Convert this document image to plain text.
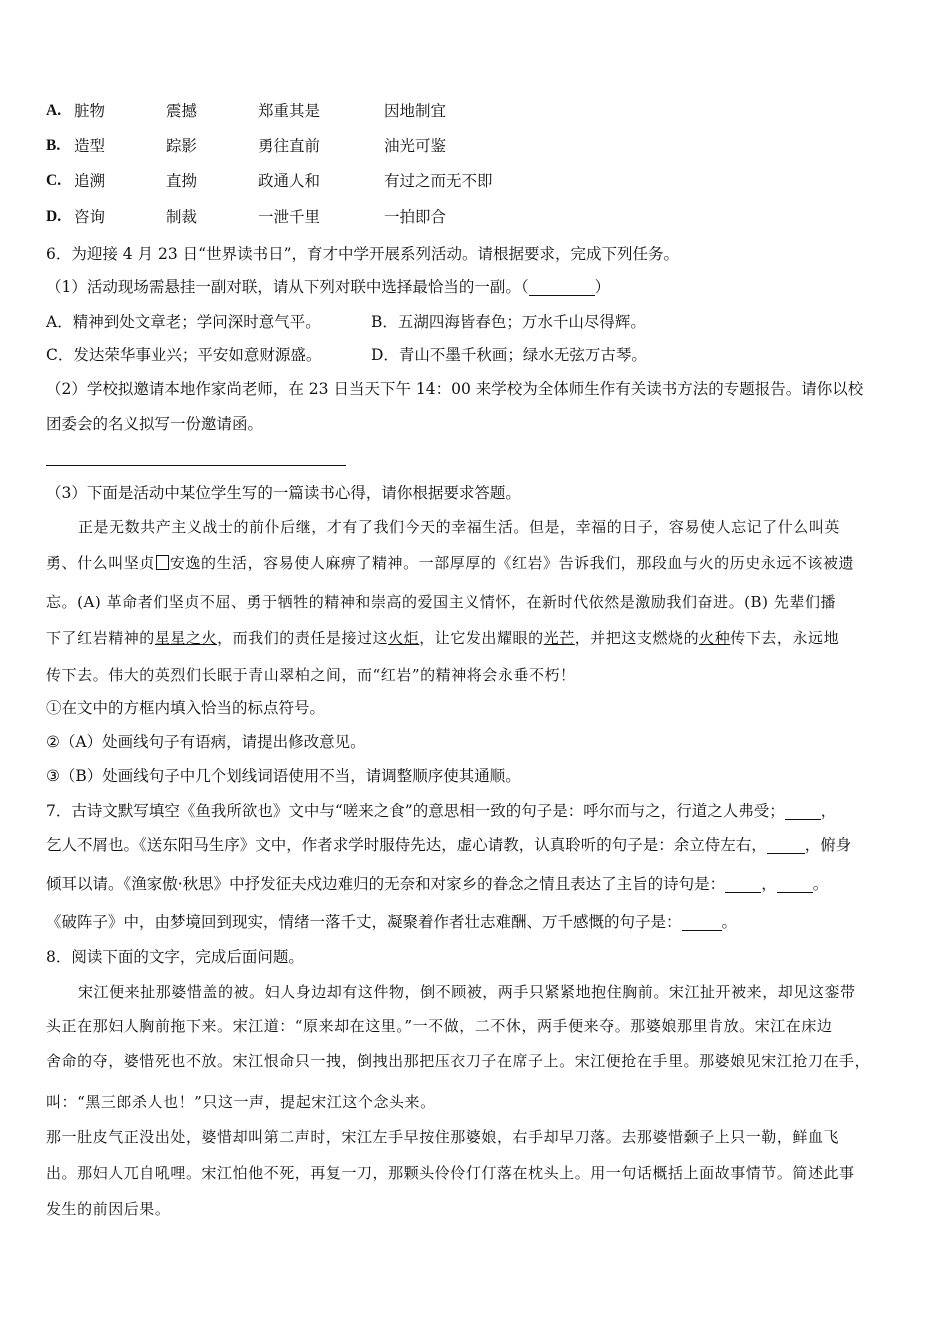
A. 脏物	震撼	郑重其是	因地制宜
B. 造型	踪影	勇往直前	油光可鉴
C. 追溯	直拗	政通人和	有过之而无不即
D. 咨询	制裁	一泄千里	一拍即合
6．为迎接 4 月 23 日“世界读书日”，育才中学开展系列活动。请根据要求，完成下列任务。
（1）活动现场需悬挂一副对联，请从下列对联中选择最恰当的一副。（	）
A．精神到处文章老；学问深时意气平。	B．五湖四海皆春色；万水千山尽得辉。
C．发达荣华事业兴；平安如意财源盛。	D．青山不墨千秋画；绿水无弦万古琴。
（2）学校拟邀请本地作家尚老师，在 23 日当天下午 14：00 来学校为全体师生作有关读书方法的专题报告。请你以校
团委会的名义拟写一份邀请函。
（3）下面是活动中某位学生写的一篇读书心得，请你根据要求答题。
正是无数共产主义战士的前仆后继，才有了我们今天的幸福生活。但是，幸福的日子，容易使人忘记了什么叫英
勇、什么叫坚贞 安逸的生活，容易使人麻痹了精神。一部厚厚的《红岩》告诉我们，那段血与火的历史永远不该被遗
忘。(A) 革命者们坚贞不屈、勇于牺牲的精神和崇高的爱国主义情怀，在新时代依然是激励我们奋进。(B) 先辈们播
下了红岩精神的星星之火，而我们的责任是接过这火炬，让它发出耀眼的光芒，并把这支燃烧的火种传下去，永远地
传下去。伟大的英烈们长眠于青山翠柏之间，而“红岩”的精神将会永垂不朽！
①在文中的方框内填入恰当的标点符号。
②（A）处画线句子有语病，请提出修改意见。
③（B）处画线句子中几个划线词语使用不当，请调整顺序使其通顺。
7．古诗文默写填空《鱼我所欲也》文中与“嗟来之食”的意思相一致的句子是：呼尔而与之，行道之人弗受； ，
乞人不屑也。《送东阳马生序》文中，作者求学时服侍先达，虚心请教，认真聆听的句子是：余立侍左右， ，俯身
倾耳以请。《渔家傲·秋思》中抒发征夫戍边难归的无奈和对家乡的眷念之情且表达了主旨的诗句是： ， 。
《破阵子》中，由梦境回到现实，情绪一落千丈，凝聚着作者壮志难酬、万千感慨的句子是：	。
8．阅读下面的文字，完成后面问题。
宋江便来扯那婆惜盖的被。妇人身边却有这件物，倒不顾被，两手只紧紧地抱住胸前。宋江扯开被来，却见这銮带
头正在那妇人胸前拖下来。宋江道：“原来却在这里。”一不做，二不休，两手便来夺。那婆娘那里肯放。宋江在床边
舍命的夺，婆惜死也不放。宋江恨命只一拽，倒拽出那把压衣刀子在席子上。宋江便抢在手里。那婆娘见宋江抢刀在手，
叫：“黑三郎杀人也！”只这一声，提起宋江这个念头来。
那一肚皮气正没出处，婆惜却叫第二声时，宋江左手早按住那婆娘，右手却早刀落。去那婆惜颡子上只一勒，鲜血飞
出。那妇人兀自吼哩。宋江怕他不死，再复一刀，那颗头伶伶仃仃落在枕头上。用一句话概括上面故事情节。简述此事
发生的前因后果。
